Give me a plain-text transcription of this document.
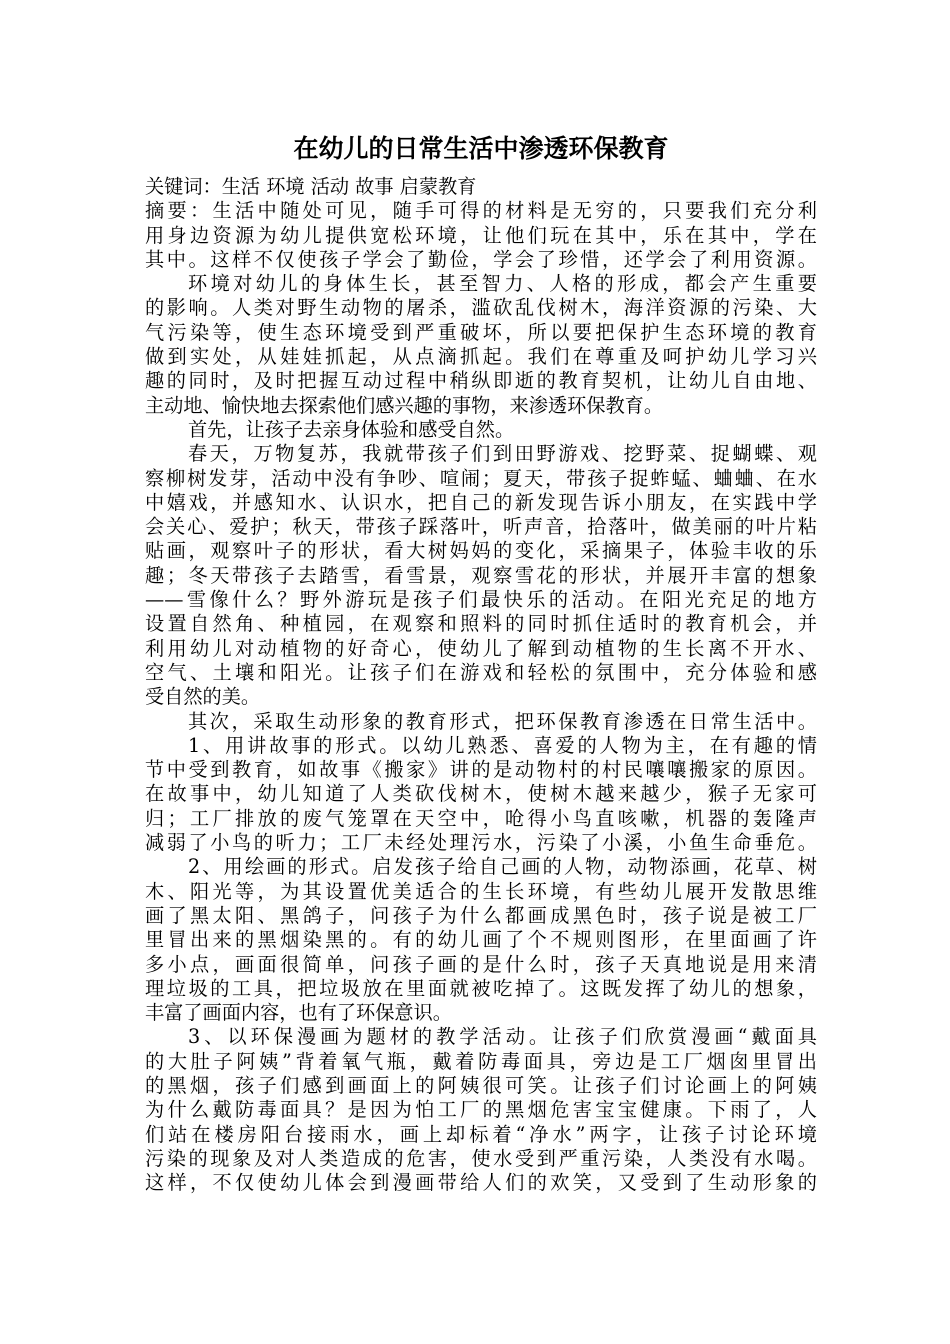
在幼儿的日常生活中渗透环保教育
关键词：生活 环境 活动 故事 启蒙教育
摘要：生活中随处可见，随手可得的材料是无穷的，只要我们充分利
用身边资源为幼儿提供宽松环境，让他们玩在其中，乐在其中，学在
其中。这样不仅使孩子学会了勤俭，学会了珍惜，还学会了利用资源。
环境对幼儿的身体生长，甚至智力、人格的形成，都会产生重要
的影响。人类对野生动物的屠杀，滥砍乱伐树木，海洋资源的污染、大
气污染等，使生态环境受到严重破坏，所以要把保护生态环境的教育
做到实处，从娃娃抓起，从点滴抓起。我们在尊重及呵护幼儿学习兴
趣的同时，及时把握互动过程中稍纵即逝的教育契机，让幼儿自由地、
主动地、愉快地去探索他们感兴趣的事物，来渗透环保教育。
首先，让孩子去亲身体验和感受自然。
春天，万物复苏，我就带孩子们到田野游戏、挖野菜、捉蝴蝶、观
察柳树发芽，活动中没有争吵、喧闹；夏天，带孩子捉蚱蜢、蛐蛐、在水
中嬉戏，并感知水、认识水，把自己的新发现告诉小朋友，在实践中学
会关心、爱护；秋天，带孩子踩落叶，听声音，拾落叶，做美丽的叶片粘
贴画，观察叶子的形状，看大树妈妈的变化，采摘果子，体验丰收的乐
趣；冬天带孩子去踏雪，看雪景，观察雪花的形状，并展开丰富的想象
——雪像什么？野外游玩是孩子们最快乐的活动。在阳光充足的地方
设置自然角、种植园，在观察和照料的同时抓住适时的教育机会，并
利用幼儿对动植物的好奇心，使幼儿了解到动植物的生长离不开水、
空气、土壤和阳光。让孩子们在游戏和轻松的氛围中，充分体验和感
受自然的美。
其次，采取生动形象的教育形式，把环保教育渗透在日常生活中。
1、用讲故事的形式。以幼儿熟悉、喜爱的人物为主，在有趣的情
节中受到教育，如故事《搬家》讲的是动物村的村民嚷嚷搬家的原因。
在故事中，幼儿知道了人类砍伐树木，使树木越来越少，猴子无家可
归；工厂排放的废气笼罩在天空中，呛得小鸟直咳嗽，机器的轰隆声
减弱了小鸟的听力；工厂未经处理污水，污染了小溪，小鱼生命垂危。
2、用绘画的形式。启发孩子给自己画的人物，动物添画，花草、树
木、阳光等，为其设置优美适合的生长环境，有些幼儿展开发散思维
画了黑太阳、黑鸽子，问孩子为什么都画成黑色时，孩子说是被工厂
里冒出来的黑烟染黑的。有的幼儿画了个不规则图形，在里面画了许
多小点，画面很简单，问孩子画的是什么时，孩子天真地说是用来清
理垃圾的工具，把垃圾放在里面就被吃掉了。这既发挥了幼儿的想象，
丰富了画面内容，也有了环保意识。
3、以环保漫画为题材的教学活动。让孩子们欣赏漫画“戴面具
的大肚子阿姨”背着氧气瓶，戴着防毒面具，旁边是工厂烟囱里冒出
的黑烟，孩子们感到画面上的阿姨很可笑。让孩子们讨论画上的阿姨
为什么戴防毒面具？是因为怕工厂的黑烟危害宝宝健康。下雨了，人
们站在楼房阳台接雨水，画上却标着“净水”两字，让孩子讨论环境
污染的现象及对人类造成的危害，使水受到严重污染，人类没有水喝。
这样，不仅使幼儿体会到漫画带给人们的欢笑，又受到了生动形象的
